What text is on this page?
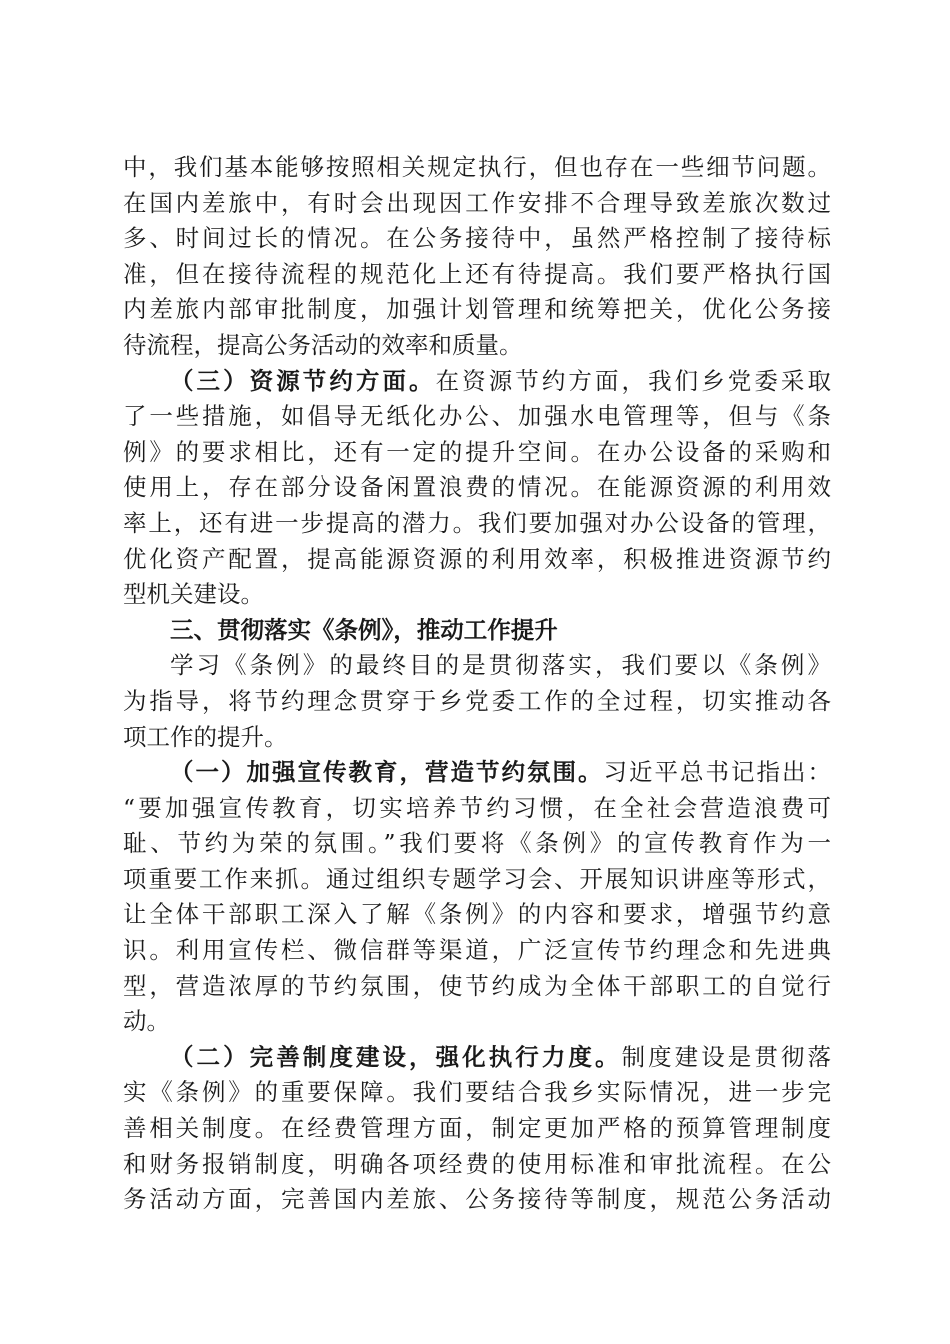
中，我们基本能够按照相关规定执行，但也存在一些细节问题。
在国内差旅中，有时会出现因工作安排不合理导致差旅次数过
多、时间过长的情况。在公务接待中，虽然严格控制了接待标
准，但在接待流程的规范化上还有待提高。我们要严格执行国
内差旅内部审批制度，加强计划管理和统筹把关，优化公务接
待流程，提高公务活动的效率和质量。
（三）资源节约方面。在资源节约方面，我们乡党委采取
了一些措施，如倡导无纸化办公、加强水电管理等，但与《条
例》的要求相比，还有一定的提升空间。在办公设备的采购和
使用上，存在部分设备闲置浪费的情况。在能源资源的利用效
率上，还有进一步提高的潜力。我们要加强对办公设备的管理，
优化资产配置，提高能源资源的利用效率，积极推进资源节约
型机关建设。
三、贯彻落实《条例》，推动工作提升
学习《条例》的最终目的是贯彻落实，我们要以《条例》
为指导，将节约理念贯穿于乡党委工作的全过程，切实推动各
项工作的提升。
（一）加强宣传教育，营造节约氛围。习近平总书记指出：
“要加强宣传教育，切实培养节约习惯，在全社会营造浪费可
耻、节约为荣的氛围。”我们要将《条例》的宣传教育作为一
项重要工作来抓。通过组织专题学习会、开展知识讲座等形式，
让全体干部职工深入了解《条例》的内容和要求，增强节约意
识。利用宣传栏、微信群等渠道，广泛宣传节约理念和先进典
型，营造浓厚的节约氛围，使节约成为全体干部职工的自觉行
动。
（二）完善制度建设，强化执行力度。制度建设是贯彻落
实《条例》的重要保障。我们要结合我乡实际情况，进一步完
善相关制度。在经费管理方面，制定更加严格的预算管理制度
和财务报销制度，明确各项经费的使用标准和审批流程。在公
务活动方面，完善国内差旅、公务接待等制度，规范公务活动
